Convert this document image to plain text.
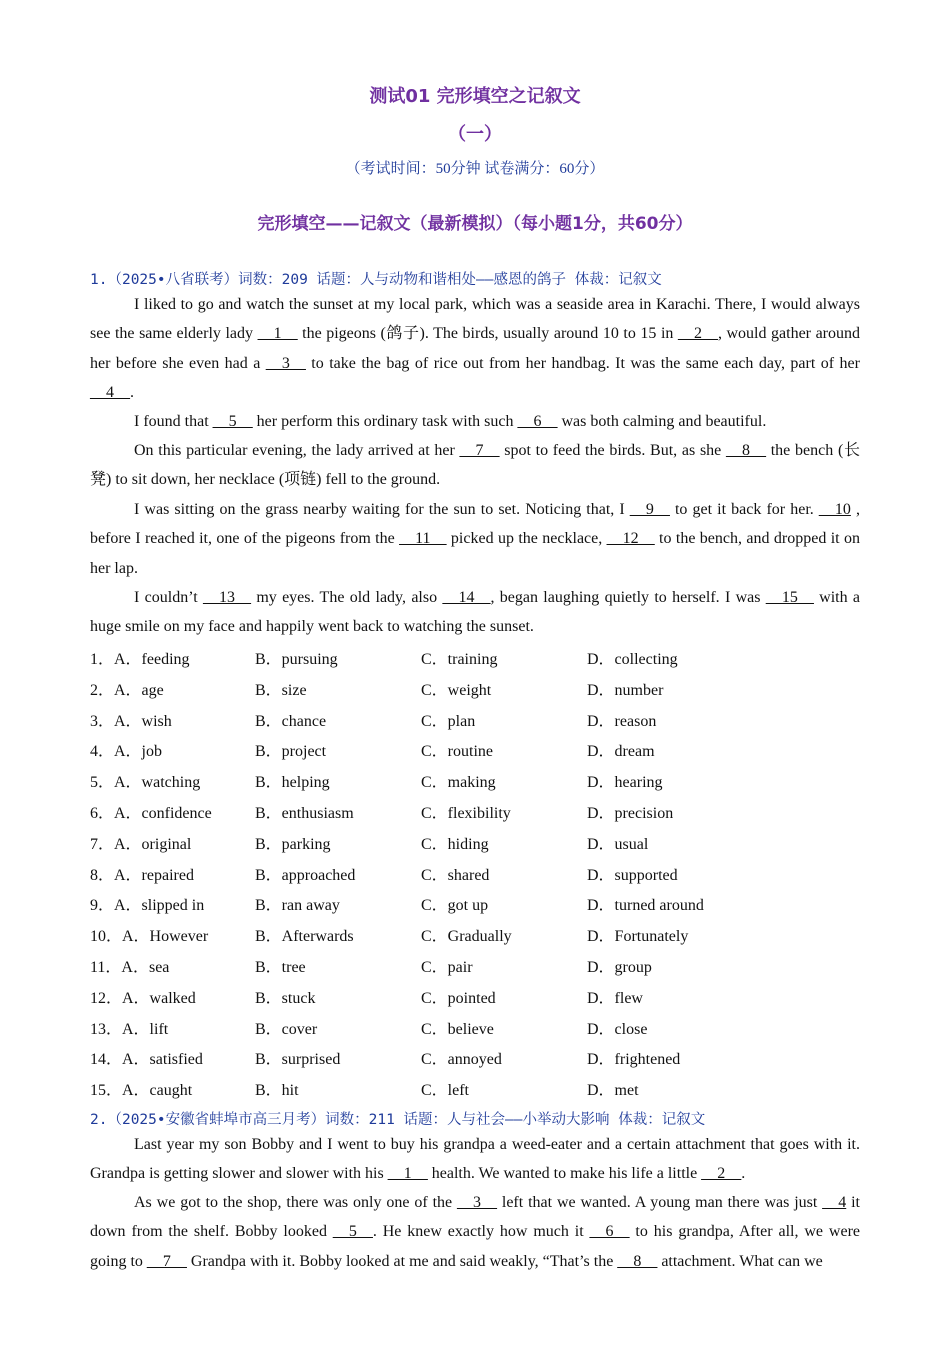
测试01 完形填空之记叙文
（一）
（考试时间：50分钟 试卷满分：60分）
完形填空——记叙文（最新模拟）（每小题1分，共60分）
1.（2025•八省联考）词数：209 话题：人与动物和谐相处——感恩的鸽子 体裁：记叙文
I liked to go and watch the sunset at my local park, which was a seaside area in Karachi. There, I would always see the same elderly lady __1__ the pigeons (鸽子). The birds, usually around 10 to 15 in __2__, would gather around her before she even had a __3__ to take the bag of rice out from her handbag. It was the same each day, part of her __4__.
I found that __5__ her perform this ordinary task with such __6__ was both calming and beautiful.
On this particular evening, the lady arrived at her __7__ spot to feed the birds. But, as she __8__ the bench (长凳) to sit down, her necklace (项链) fell to the ground.
I was sitting on the grass nearby waiting for the sun to set. Noticing that, I __9__ to get it back for her. __10 , before I reached it, one of the pigeons from the __11__ picked up the necklace, __12__ to the bench, and dropped it on her lap.
I couldn’t __13__ my eyes. The old lady, also __14__, began laughing quietly to herself. I was __15__ with a huge smile on my face and happily went back to watching the sunset.
1．A．feeding	B．pursuing	C．training	D．collecting
2．A．age	B．size	C．weight	D．number
3．A．wish	B．chance	C．plan	D．reason
4．A．job	B．project	C．routine	D．dream
5．A．watching	B．helping	C．making	D．hearing
6．A．confidence	B．enthusiasm	C．flexibility	D．precision
7．A．original	B．parking	C．hiding	D．usual
8．A．repaired	B．approached	C．shared	D．supported
9．A．slipped in	B．ran away	C．got up	D．turned around
10．A．However	B．Afterwards	C．Gradually	D．Fortunately
11．A．sea	B．tree	C．pair	D．group
12．A．walked	B．stuck	C．pointed	D．flew
13．A．lift	B．cover	C．believe	D．close
14．A．satisfied	B．surprised	C．annoyed	D．frightened
15．A．caught	B．hit	C．left	D．met
2.（2025•安徽省蚌埠市高三月考）词数：211 话题：人与社会——小举动大影响 体裁：记叙文
Last year my son Bobby and I went to buy his grandpa a weed-eater and a certain attachment that goes with it. Grandpa is getting slower and slower with his __1__ health. We wanted to make his life a little __2__.
As we got to the shop, there was only one of the __3__ left that we wanted. A young man there was just __4 it down from the shelf. Bobby looked __5__. He knew exactly how much it __6__ to his grandpa, After all, we were going to __7__ Grandpa with it. Bobby looked at me and said weakly, “That’s the __8__ attachment. What can we
